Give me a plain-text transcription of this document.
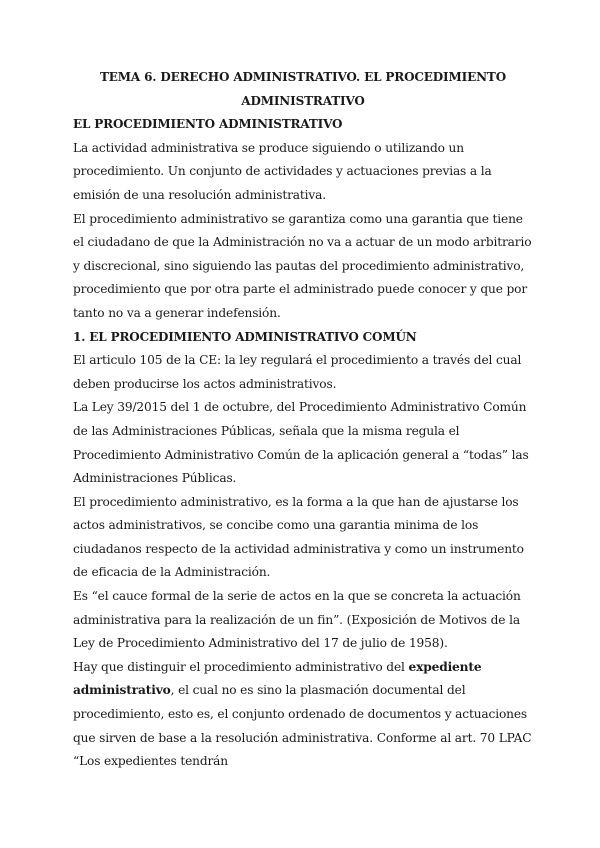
TEMA 6. DERECHO ADMINISTRATIVO. EL PROCEDIMIENTO ADMINISTRATIVO

EL PROCEDIMIENTO ADMINISTRATIVO

La actividad administrativa se produce siguiendo o utilizando un procedimiento. Un conjunto de actividades y actuaciones previas a la emisión de una resolución administrativa.

El procedimiento administrativo se garantiza como una garantia que tiene el ciudadano de que la Administración no va a actuar de un modo arbitrario y discrecional, sino siguiendo las pautas del procedimiento administrativo, procedimiento que por otra parte el administrado puede conocer y que por tanto no va a generar indefensión.

1. EL PROCEDIMIENTO ADMINISTRATIVO COMÚN

El articulo 105 de la CE: la ley regulará el procedimiento a través del cual deben producirse los actos administrativos.

La Ley 39/2015 del 1 de octubre, del Procedimiento Administrativo Común de las Administraciones Públicas, señala que la misma regula el Procedimiento Administrativo Común de la aplicación general a “todas” las Administraciones Públicas.

El procedimiento administrativo, es la forma a la que han de ajustarse los actos administrativos, se concibe como una garantia minima de los ciudadanos respecto de la actividad administrativa y como un instrumento de eficacia de la Administración.

Es “el cauce formal de la serie de actos en la que se concreta la actuación administrativa para la realización de un fin”. (Exposición de Motivos de la Ley de Procedimiento Administrativo del 17 de julio de 1958).

Hay que distinguir el procedimiento administrativo del expediente administrativo, el cual no es sino la plasmación documental del procedimiento, esto es, el conjunto ordenado de documentos y actuaciones que sirven de base a la resolución administrativa. Conforme al art. 70 LPAC “Los expedientes tendrán
